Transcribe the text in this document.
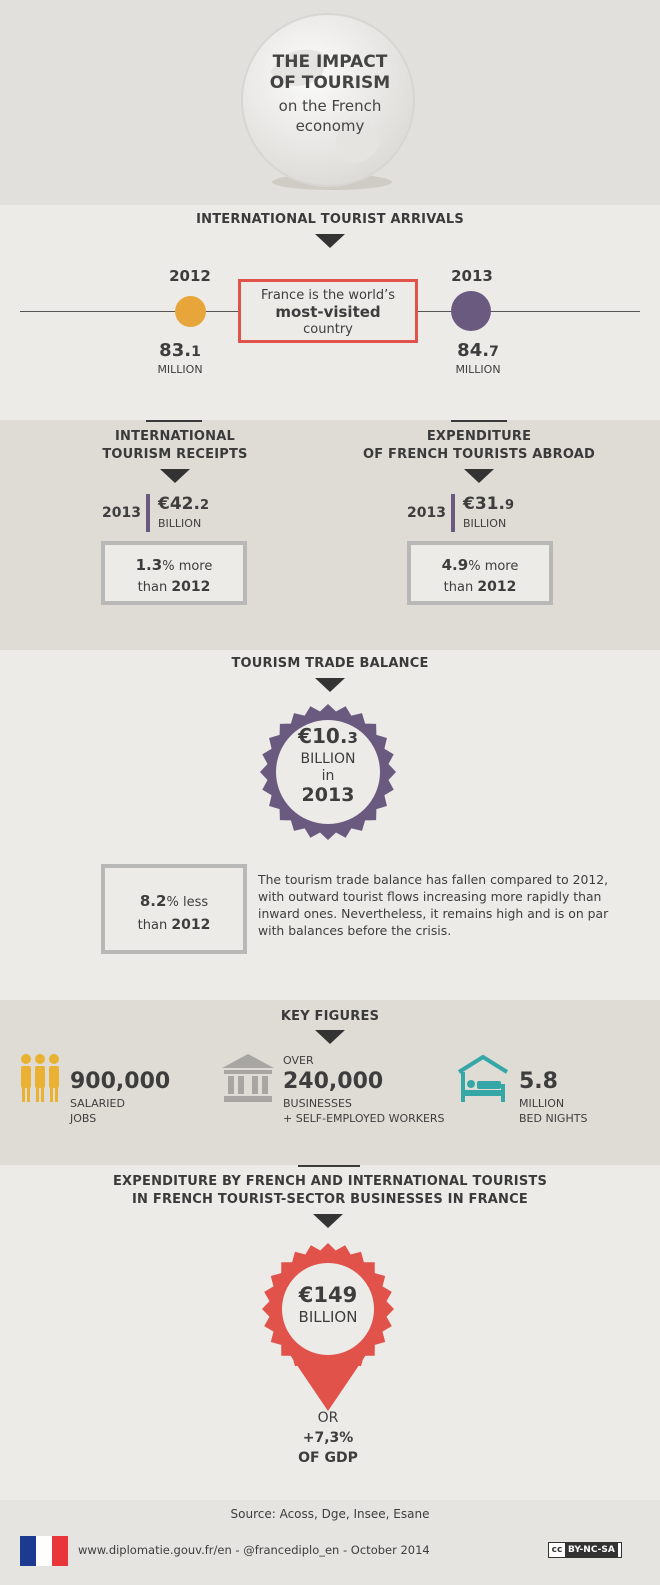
THE IMPACT
OF TOURISM
on the French
economy
INTERNATIONAL TOURIST ARRIVALS
2012
83.1
MILLION
2013
84.7
MILLION
France is the world’s
most-visited
country
INTERNATIONAL
TOURISM RECEIPTS
2013 €42.2
BILLION
1.3% more
than 2012
EXPENDITURE
OF FRENCH TOURISTS ABROAD
2013 €31.9
BILLION
4.9% more
than 2012
TOURISM TRADE BALANCE
€10.3
BILLION
in
2013
8.2% less
than 2012
The tourism trade balance has fallen compared to 2012, with outward tourist flows increasing more rapidly than inward ones. Nevertheless, it remains high and is on par with balances before the crisis.
KEY FIGURES
900,000
SALARIED
JOBS
OVER
240,000
BUSINESSES
+ SELF-EMPLOYED WORKERS
5.8
MILLION
BED NIGHTS
EXPENDITURE BY FRENCH AND INTERNATIONAL TOURISTS
IN FRENCH TOURIST-SECTOR BUSINESSES IN FRANCE
€149
BILLION
OR
+7,3%
OF GDP
Source: Acoss, Dge, Insee, Esane
www.diplomatie.gouv.fr/en - @francediplo_en - October 2014	cc BY-NC-SA
